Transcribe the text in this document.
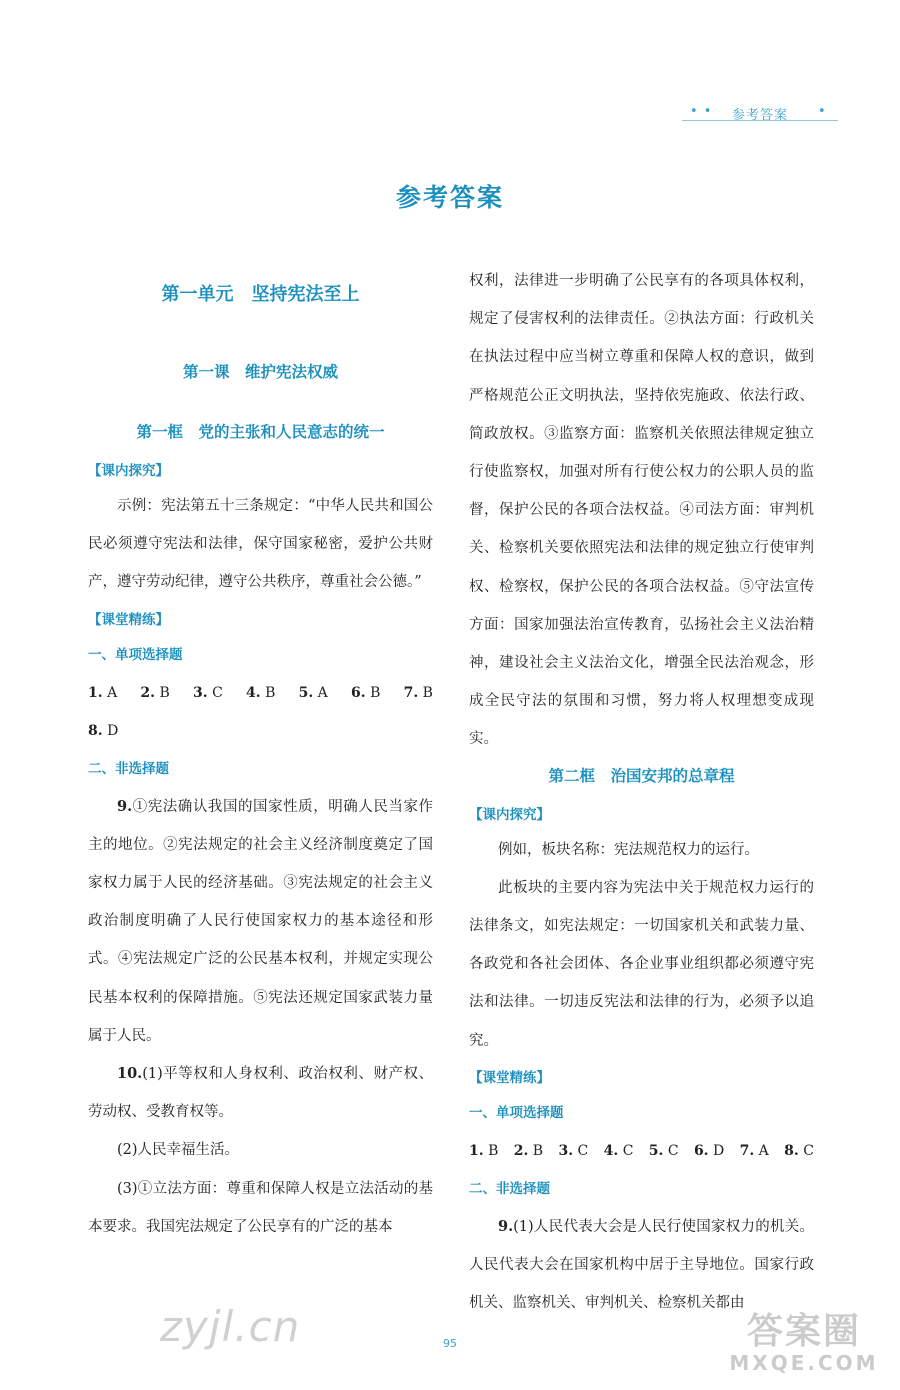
• • 参考答案 •
参考答案
第一单元　坚持宪法至上
第一课　维护宪法权威
第一框　党的主张和人民意志的统一
【课内探究】

示例：宪法第五十三条规定：“中华人民共和国公民必须遵守宪法和法律，保守国家秘密，爱护公共财产，遵守劳动纪律，遵守公共秩序，尊重社会公德。”

【课堂精练】
一、单项选择题
1. A 2. B 3. C 4. B 5. A 6. B 7. B
8. D
二、非选择题

9.①宪法确认我国的国家性质，明确人民当家作主的地位。②宪法规定的社会主义经济制度奠定了国家权力属于人民的经济基础。③宪法规定的社会主义政治制度明确了人民行使国家权力的基本途径和形式。④宪法规定广泛的公民基本权利，并规定实现公民基本权利的保障措施。⑤宪法还规定国家武装力量属于人民。

10.(1)平等权和人身权利、政治权利、财产权、劳动权、受教育权等。

(2)人民幸福生活。

(3)①立法方面：尊重和保障人权是立法活动的基本要求。我国宪法规定了公民享有的广泛的基本

权利，法律进一步明确了公民享有的各项具体权利，规定了侵害权利的法律责任。②执法方面：行政机关在执法过程中应当树立尊重和保障人权的意识，做到严格规范公正文明执法，坚持依宪施政、依法行政、简政放权。③监察方面：监察机关依照法律规定独立行使监察权，加强对所有行使公权力的公职人员的监督，保护公民的各项合法权益。④司法方面：审判机关、检察机关要依照宪法和法律的规定独立行使审判权、检察权，保护公民的各项合法权益。⑤守法宣传方面：国家加强法治宣传教育，弘扬社会主义法治精神，建设社会主义法治文化，增强全民法治观念，形成全民守法的氛围和习惯，努力将人权理想变成现实。

第二框　治国安邦的总章程
【课内探究】

例如，板块名称：宪法规范权力的运行。

此板块的主要内容为宪法中关于规范权力运行的法律条文，如宪法规定：一切国家机关和武装力量、各政党和各社会团体、各企业事业组织都必须遵守宪法和法律。一切违反宪法和法律的行为，必须予以追究。

【课堂精练】
一、单项选择题
1. B 2. B 3. C 4. C 5. C 6. D 7. A 8. C
二、非选择题

9.(1)人民代表大会是人民行使国家权力的机关。人民代表大会在国家机构中居于主导地位。国家行政机关、监察机关、审判机关、检察机关都由

95
zyjl.cn	答案圈
MXQE.COM
